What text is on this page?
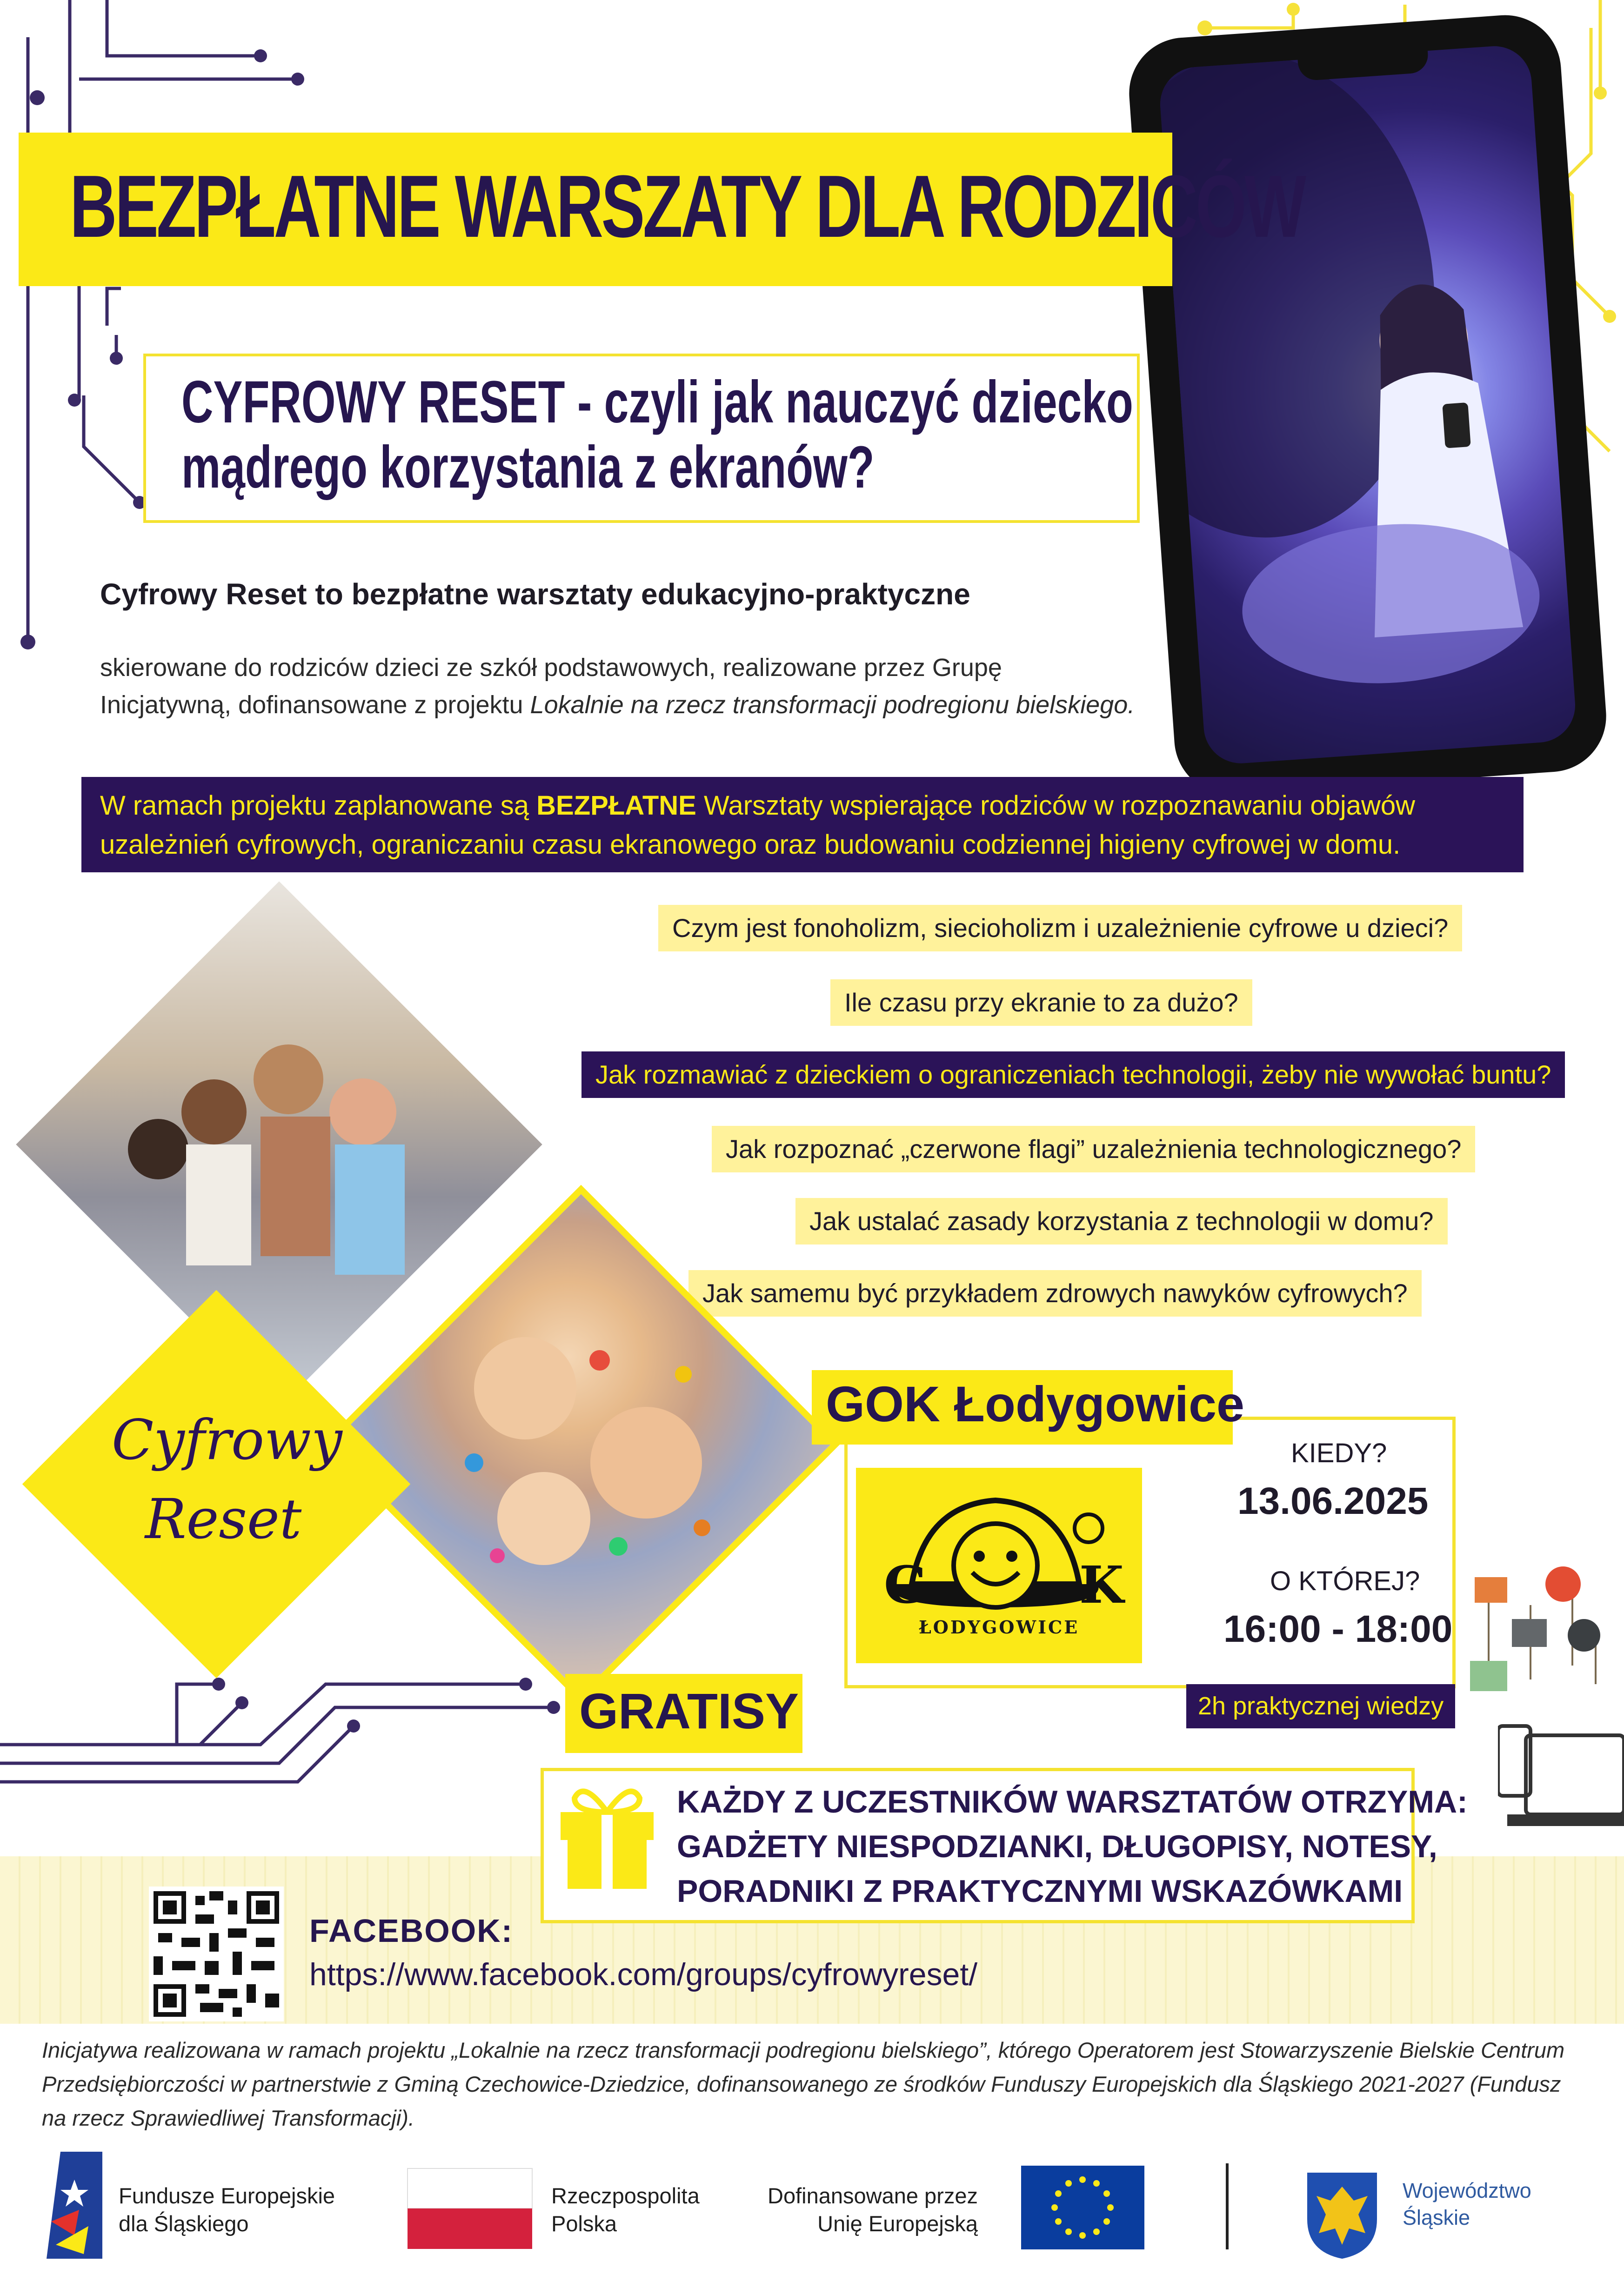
BEZPŁATNE WARSZATY DLA RODZICÓW
CYFROWY RESET - czyli jak nauczyć dziecko
mądrego korzystania z ekranów?
Cyfrowy Reset to bezpłatne warsztaty edukacyjno-praktyczne
skierowane do rodziców dzieci ze szkół podstawowych, realizowane przez Grupę
Inicjatywną, dofinansowane z projektu Lokalnie na rzecz transformacji podregionu bielskiego.
W ramach projektu zaplanowane są BEZPŁATNE Warsztaty wspierające rodziców w rozpoznawaniu objawów uzależnień cyfrowych, ograniczaniu czasu ekranowego oraz budowaniu codziennej higieny cyfrowej w domu.
Czym jest fonoholizm, siecioholizm i uzależnienie cyfrowe u dzieci?
Ile czasu przy ekranie to za dużo?
Jak rozmawiać z dzieckiem o ograniczeniach technologii, żeby nie wywołać buntu?
Jak rozpoznać „czerwone flagi” uzależnienia technologicznego?
Jak ustalać zasady korzystania z technologii w domu?
Jak samemu być przykładem zdrowych nawyków cyfrowych?
Cyfrowy
Reset
GOK Łodygowice
G	K
ŁODYGOWICE
KIEDY?
13.06.2025
O KTÓREJ?
16:00 - 18:00
2h praktycznej wiedzy
GRATISY
KAŻDY Z UCZESTNIKÓW WARSZTATÓW OTRZYMA:
GADŻETY NIESPODZIANKI, DŁUGOPISY, NOTESY,
PORADNIKI Z PRAKTYCZNYMI WSKAZÓWKAMI
FACEBOOK:
https://www.facebook.com/groups/cyfrowyreset/
Inicjatywa realizowana w ramach projektu „Lokalnie na rzecz transformacji podregionu bielskiego”, którego Operatorem jest Stowarzyszenie Bielskie Centrum Przedsiębiorczości w partnerstwie z Gminą Czechowice-Dziedzice, dofinansowanego ze środków Funduszy Europejskich dla Śląskiego 2021-2027 (Fundusz na rzecz Sprawiedliwej Transformacji).
Fundusze Europejskie
dla Śląskiego
Rzeczpospolita
Polska
Dofinansowane przez
Unię Europejską
Województwo
Śląskie
